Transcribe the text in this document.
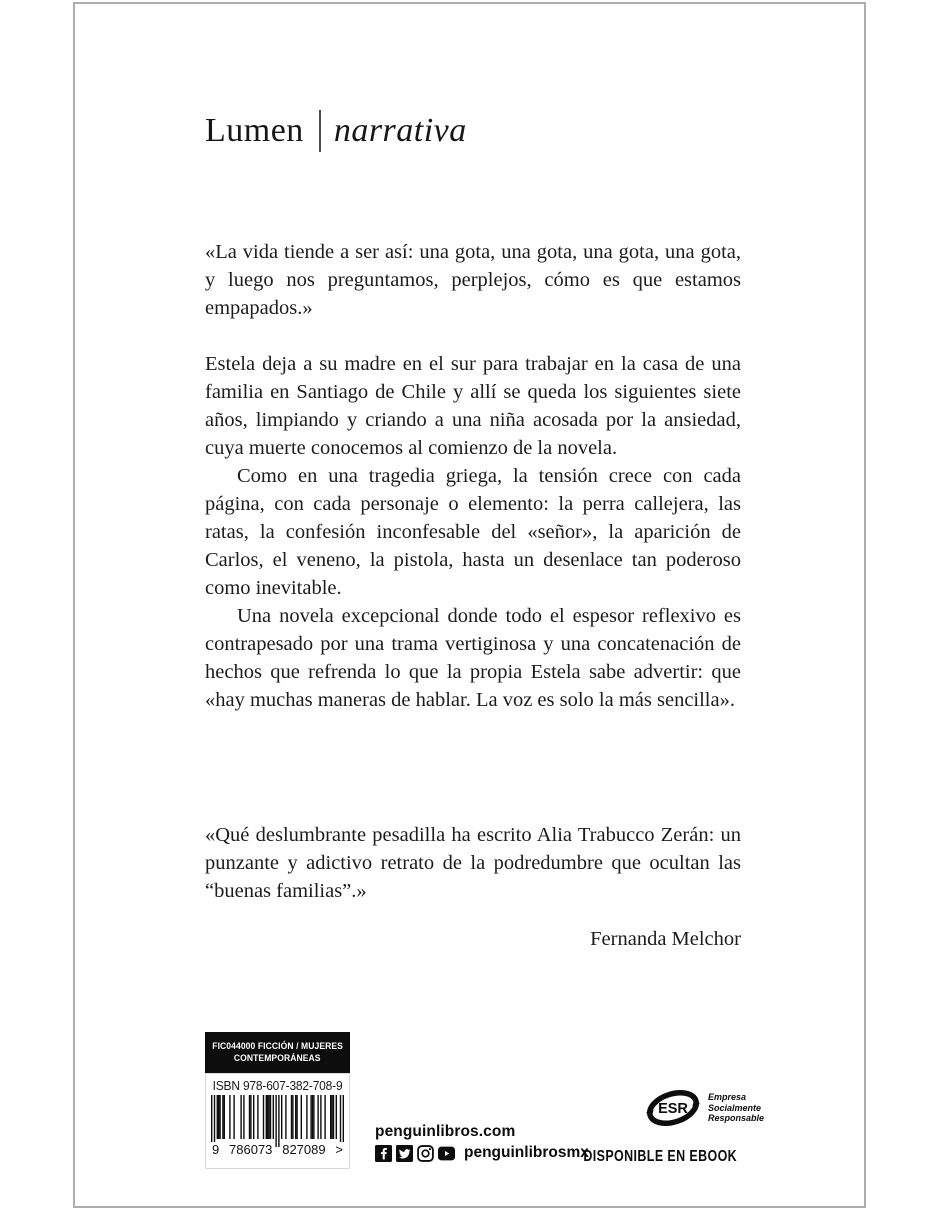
Lumen narrativa

«La vida tiende a ser así: una gota, una gota, una gota, una gota, y luego nos preguntamos, perplejos, cómo es que estamos empapados.»

Estela deja a su madre en el sur para trabajar en la casa de una familia en Santiago de Chile y allí se queda los siguientes siete años, limpiando y criando a una niña acosada por la ansiedad, cuya muerte conocemos al comienzo de la novela.

Como en una tragedia griega, la tensión crece con cada página, con cada personaje o elemento: la perra callejera, las ratas, la confesión inconfesable del «señor», la aparición de Carlos, el veneno, la pistola, hasta un desenlace tan poderoso como inevitable.

Una novela excepcional donde todo el espesor reflexivo es contrapesado por una trama vertiginosa y una concatenación de hechos que refrenda lo que la propia Estela sabe advertir: que «hay muchas maneras de hablar. La voz es solo la más sencilla».

«Qué deslumbrante pesadilla ha escrito Alia Trabucco Zerán: un punzante y adictivo retrato de la podredumbre que ocultan las “buenas familias”.»

Fernanda Melchor

FIC044000 FICCIÓN / MUJERES
CONTEMPORÁNEAS
ISBN 978-607-382-708-9
9 786073 827089 >
penguinlibros.com
penguinlibrosmx
ESR
Empresa
Socialmente
Responsable
DISPONIBLE EN EBOOK
